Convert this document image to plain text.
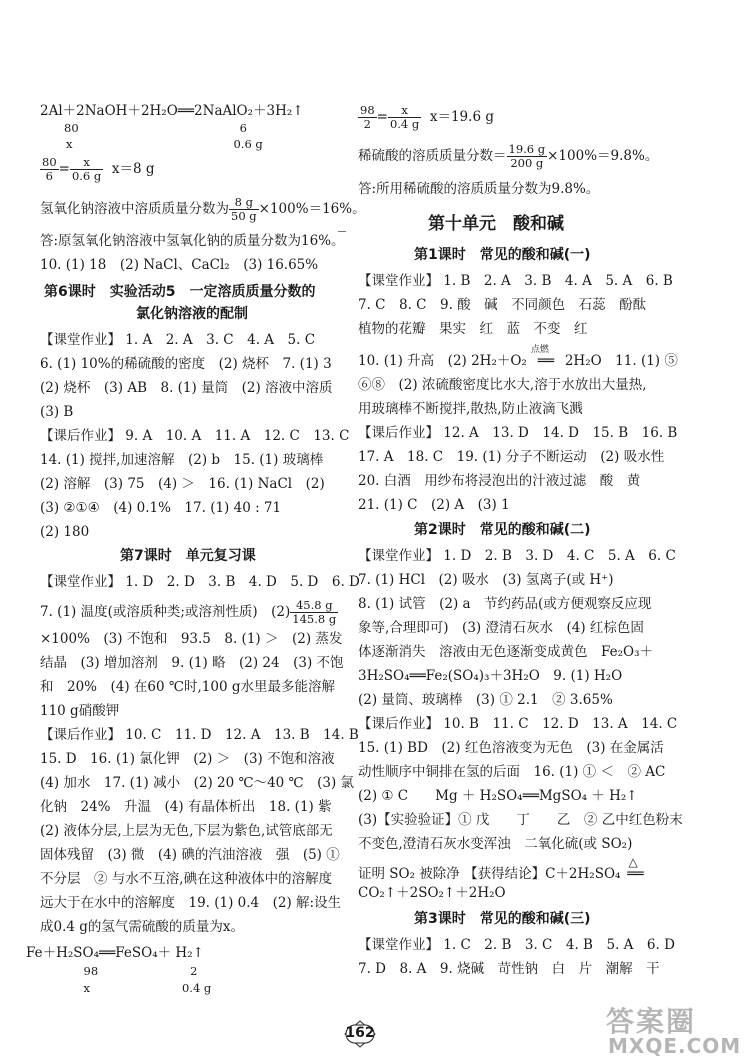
2Al＋2NaOH＋2H₂O══2NaAlO₂＋3H₂↑
80　　　　　　　　　　　　　　6
x　　　　　　　　　　　　　　0.6 g
$\frac{80}{6} = \frac{x}{0.6 g} x=8$ g
氢氧化钠溶液中溶质质量分数为 $\frac{8 g}{50 g} \times 100\%=16\%$。
答:原氢氧化钠溶液中氢氧化钠的质量分数为16%。
10. (1) 18　(2) NaCl、CaCl₂　(3) 16.65%
第6课时　实验活动5　一定溶质质量分数的
氯化钠溶液的配制
【课堂作业】 1. A　2. A　3. C　4. A　5. C
6. (1) 10%的稀硫酸的密度　(2) 烧杯　7. (1) 3
(2) 烧杯　(3) AB　8. (1) 量筒　(2) 溶液中溶质
(3) B
【课后作业】 9. A　10. A　11. A　12. C　13. C
14. (1) 搅拌,加速溶解　(2) b　15. (1) 玻璃棒
(2) 溶解　(3) 75　(4) ＞　16. (1) NaCl　(2)
(3) ②①④　(4) 0.1%　17. (1) 40 : 71
(2) 180
第7课时　单元复习课
【课堂作业】 1. D　2. D　3. B　4. D　5. D　6. D
7. (1) 温度(或溶质种类;或溶剂性质)　$(2) \frac{45.8 g}{145.8 g}$
×100%　(3) 不饱和　93.5　8. (1) ＞　(2) 蒸发
结晶　(3) 增加溶剂　9. (1) 略　(2) 24　(3) 不饱
和　20%　(4) 在60 ℃时,100 g水里最多能溶解
110 g硝酸钾
【课后作业】 10. C　11. D　12. A　13. B　14. B
15. D　16. (1) 氯化钾　(2) ＞　(3) 不饱和溶液
(4) 加水　17. (1) 减小　(2) 20 ℃～40 ℃　(3) 氯
化钠　24%　升温　(4) 有晶体析出　18. (1) 紫
(2) 液体分层,上层为无色,下层为紫色,试管底部无
固体残留　(3) 微　(4) 碘的汽油溶液　强　(5) ①
不分层　② 与水不互溶,碘在这种液体中的溶解度
远大于在水中的溶解度　19. (1) 0.4　(2) 解:设生
成0.4 g的氢气需硫酸的质量为x。
Fe＋H₂SO₄══FeSO₄＋ H₂↑
　98　　　　　　　　2
　x　　　　　　　　0.4 g
$\frac{98}{2} = \frac{x}{0.4 g} x=19.6$ g
稀硫酸的溶质质量分数＝ $\frac{19.6 g}{200 g} \times 100\%=9.8\%$。
答:所用稀硫酸的溶质质量分数为9.8%。
第十单元　酸和碱
第1课时　常见的酸和碱(一)
【课堂作业】 1. B　2. A　3. B　4. A　5. A　6. B
7. C　8. C　9. 酸　碱　不同颜色　石蕊　酚酞
植物的花瓣　果实　红　蓝　不变　红
10. (1) 升高　(2) 2H₂＋O₂
点燃
══ 2H₂O　11. (1) ⑤
⑥⑧　(2) 浓硫酸密度比水大,溶于水放出大量热,
用玻璃棒不断搅拌,散热,防止液滴飞溅
【课后作业】 12. A　13. D　14. D　15. B　16. B
17. A　18. C　19. (1) 分子不断运动　(2) 吸水性
20. 白酒　用纱布将浸泡出的汁液过滤　酸　黄
21. (1) C　(2) A　(3) 1
第2课时　常见的酸和碱(二)
【课堂作业】 1. D　2. B　3. D　4. C　5. A　6. C
7. (1) HCl　(2) 吸水　(3) 氢离子(或 H⁺)
8. (1) 试管　(2) a　节约药品(或方便观察反应现
象等,合理即可)　(3) 澄清石灰水　(4) 红棕色固
体逐渐消失　溶液由无色逐渐变成黄色　Fe₂O₃＋
3H₂SO₄══Fe₂(SO₄)₃＋3H₂O　9. (1) H₂O
(2) 量筒、玻璃棒　(3) ① 2.1　② 3.65%
【课后作业】 10. B　11. C　12. D　13. A　14. C
15. (1) BD　(2) 红色溶液变为无色　(3) 在金属活
动性顺序中铜排在氢的后面　16. (1) ① ＜　② AC
(2) ① C　　Mg ＋ H₂SO₄══MgSO₄ ＋ H₂↑
(3)【实验验证】① 戊　　丁　　乙　② 乙中红色粉末
不变色,澄清石灰水变浑浊　二氧化硫(或 SO₂)
证明 SO₂ 被除净 【获得结论】C＋2H₂SO₄
△
══
CO₂↑＋2SO₂↑＋2H₂O
第3课时　常见的酸和碱(三)
【课堂作业】 1. C　2. B　3. C　4. B　5. A　6. D
7. D　8. A　9. 烧碱　苛性钠　白　片　潮解　干
162	答案圈
MXQE.COM
